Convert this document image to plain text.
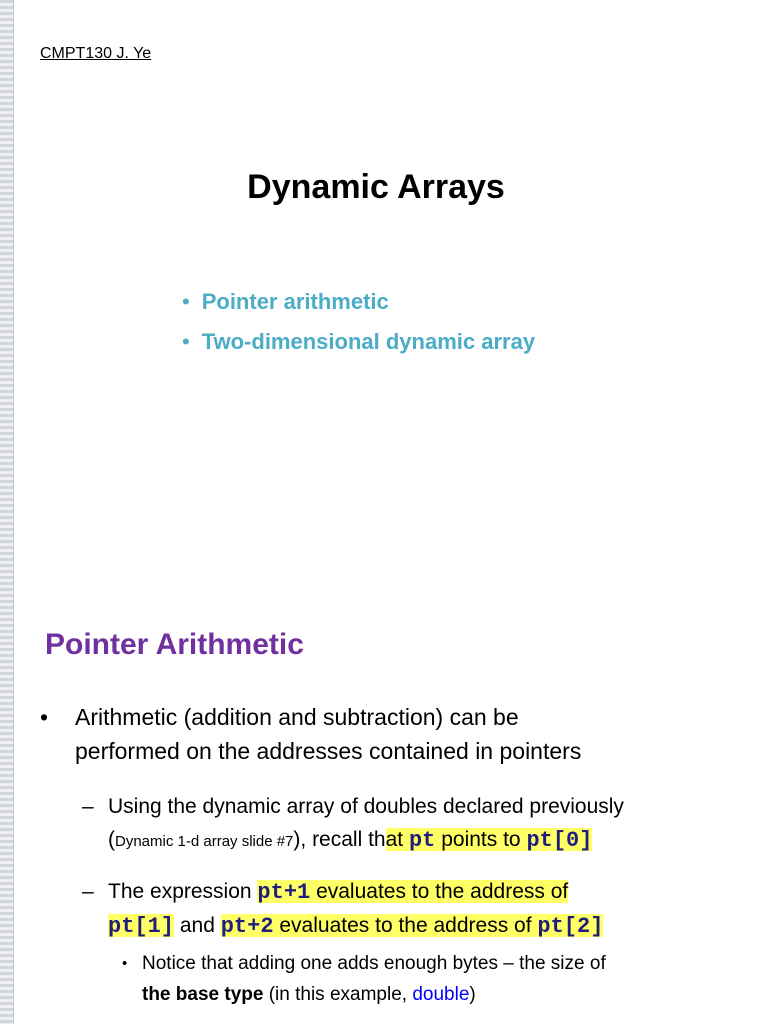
CMPT130 J. Ye
Dynamic Arrays
• Pointer arithmetic
• Two-dimensional dynamic array
Pointer Arithmetic
• Arithmetic (addition and subtraction) can be
performed on the addresses contained in pointers
– Using the dynamic array of doubles declared previously
(Dynamic 1-d array slide #7), recall that pt points to pt[0]
– The expression pt+1 evaluates to the address of
pt[1] and pt+2 evaluates to the address of pt[2]
• Notice that adding one adds enough bytes – the size of
the base type (in this example, double)
